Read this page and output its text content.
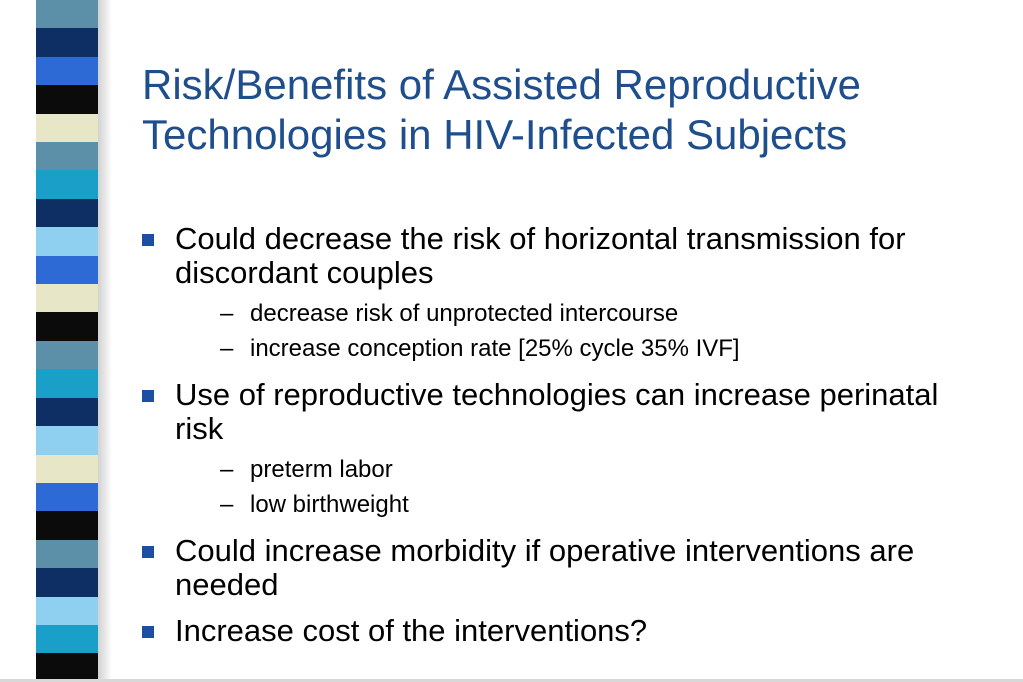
Risk/Benefits of Assisted Reproductive Technologies in HIV-Infected Subjects
Could decrease the risk of horizontal transmission for discordant couples
– decrease risk of unprotected intercourse
– increase conception rate [25% cycle 35% IVF]
Use of reproductive technologies can increase perinatal risk
– preterm labor
– low birthweight
Could increase morbidity if operative interventions are needed
Increase cost of the interventions?
